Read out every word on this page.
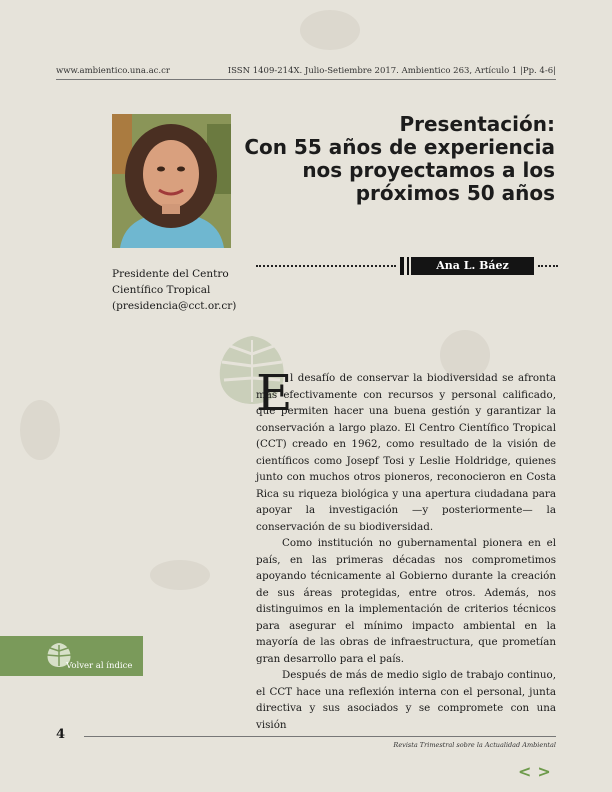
www.ambientico.una.ac.cr	ISSN 1409-214X. Julio-Setiembre 2017. Ambientico 263, Artículo 1 |Pp. 4-6|
Presentación:
Con 55 años de experiencia
nos proyectamos a los
próximos 50 años
Ana L. Báez
Presidente del Centro
Científico Tropical
(presidencia@cct.or.cr)
E

l desafío de conservar la biodiversidad se afronta más efectivamente con recursos y personal calificado, que permiten hacer una buena gestión y garantizar la conservación a largo plazo. El Centro Científico Tropical (CCT) creado en 1962, como resultado de la visión de científicos como Josepf Tosi y Leslie Holdridge, quienes junto con muchos otros pioneros, reconocieron en Costa Rica su riqueza biológica y una apertura ciudadana para apoyar la investigación —y posteriormente— la conservación de su biodiversidad.

Como institución no gubernamental pionera en el país, en las primeras décadas nos comprometimos apoyando técnicamente al Gobierno durante la creación de sus áreas protegidas, entre otros. Además, nos distinguimos en la implementación de criterios técnicos para asegurar el mínimo impacto ambiental en la mayoría de las obras de infraestructura, que prometían gran desarrollo para el país.

Después de más de medio siglo de trabajo continuo, el CCT hace una reflexión interna con el personal, junta directiva y sus asociados y se compromete con una visión

Volver al índice
4
Revista Trimestral sobre la Actualidad Ambiental
< >
